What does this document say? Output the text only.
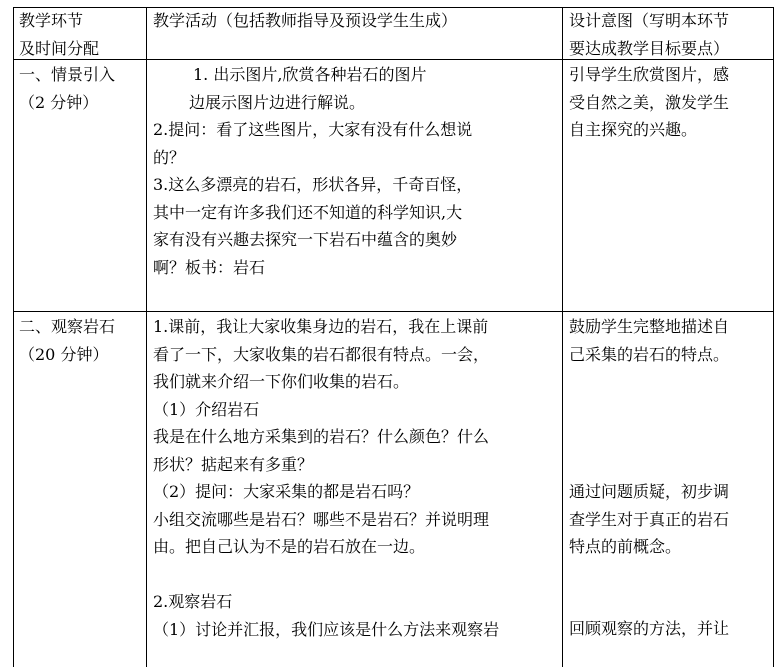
教学环节
及时间分配
教学活动（包括教师指导及预设学生生成）	设计意图（写明本环节
要达成教学目标要点）
一、情景引入
（2 分钟）
1. 出示图片,欣赏各种岩石的图片
边展示图片边进行解说。
2.提问：看了这些图片，大家有没有什么想说
的？
3.这么多漂亮的岩石，形状各异，千奇百怪，
其中一定有许多我们还不知道的科学知识,大
家有没有兴趣去探究一下岩石中蕴含的奥妙
啊？板书：岩石
引导学生欣赏图片，感
受自然之美，激发学生
自主探究的兴趣。
二、观察岩石
（20 分钟）
1.课前，我让大家收集身边的岩石，我在上课前
看了一下，大家收集的岩石都很有特点。一会，
我们就来介绍一下你们收集的岩石。
（1）介绍岩石
我是在什么地方采集到的岩石？什么颜色？什么
形状？掂起来有多重？
（2）提问：大家采集的都是岩石吗？
小组交流哪些是岩石？哪些不是岩石？并说明理
由。把自己认为不是的岩石放在一边。
2.观察岩石
（1）讨论并汇报，我们应该是什么方法来观察岩
鼓励学生完整地描述自
己采集的岩石的特点。
通过问题质疑，初步调
查学生对于真正的岩石
特点的前概念。
回顾观察的方法，并让
